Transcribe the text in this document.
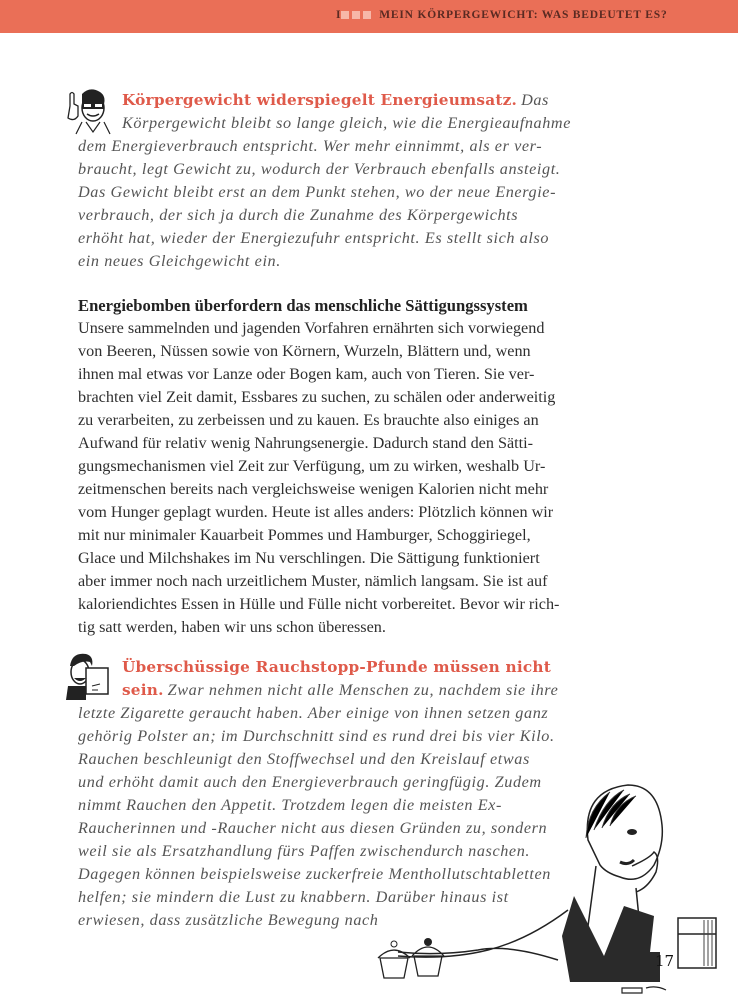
I	MEIN KÖRPERGEWICHT: WAS BEDEUTET ES?
Körpergewicht widerspiegelt Energieumsatz. Das
Körpergewicht bleibt so lange gleich, wie die Energieaufnahme
dem Energieverbrauch entspricht. Wer mehr einnimmt, als er ver-
braucht, legt Gewicht zu, wodurch der Verbrauch ebenfalls ansteigt.
Das Gewicht bleibt erst an dem Punkt stehen, wo der neue Energie-
verbrauch, der sich ja durch die Zunahme des Körpergewichts
erhöht hat, wieder der Energiezufuhr entspricht. Es stellt sich also
ein neues Gleichgewicht ein.
Energiebomben überfordern das menschliche Sättigungssystem
Unsere sammelnden und jagenden Vorfahren ernährten sich vorwiegend
von Beeren, Nüssen sowie von Körnern, Wurzeln, Blättern und, wenn
ihnen mal etwas vor Lanze oder Bogen kam, auch von Tieren. Sie ver-
brachten viel Zeit damit, Essbares zu suchen, zu schälen oder anderweitig
zu verarbeiten, zu zerbeissen und zu kauen. Es brauchte also einiges an
Aufwand für relativ wenig Nahrungsenergie. Dadurch stand den Sätti-
gungsmechanismen viel Zeit zur Verfügung, um zu wirken, weshalb Ur-
zeitmenschen bereits nach vergleichsweise wenigen Kalorien nicht mehr
vom Hunger geplagt wurden. Heute ist alles anders: Plötzlich können wir
mit nur minimaler Kauarbeit Pommes und Hamburger, Schoggiriegel,
Glace und Milchshakes im Nu verschlingen. Die Sättigung funktioniert
aber immer noch nach urzeitlichem Muster, nämlich langsam. Sie ist auf
kaloriendichtes Essen in Hülle und Fülle nicht vorbereitet. Bevor wir rich-
tig satt werden, haben wir uns schon überessen.
Überschüssige Rauchstopp-Pfunde müssen nicht
sein. Zwar nehmen nicht alle Menschen zu, nachdem sie ihre
letzte Zigarette geraucht haben. Aber einige von ihnen setzen ganz
gehörig Polster an; im Durchschnitt sind es rund drei bis vier Kilo.
Rauchen beschleunigt den Stoffwechsel und den Kreislauf etwas
und erhöht damit auch den Energieverbrauch geringfügig. Zudem
nimmt Rauchen den Appetit. Trotzdem legen die meisten Ex-
Raucherinnen und -Raucher nicht aus diesen Gründen zu, sondern
weil sie als Ersatzhandlung fürs Paffen zwischendurch naschen.
Dagegen können beispielsweise zuckerfreie Menthollutschtabletten
helfen; sie mindern die Lust zu knabbern. Darüber hinaus ist
erwiesen, dass zusätzliche Bewegung nach
17
